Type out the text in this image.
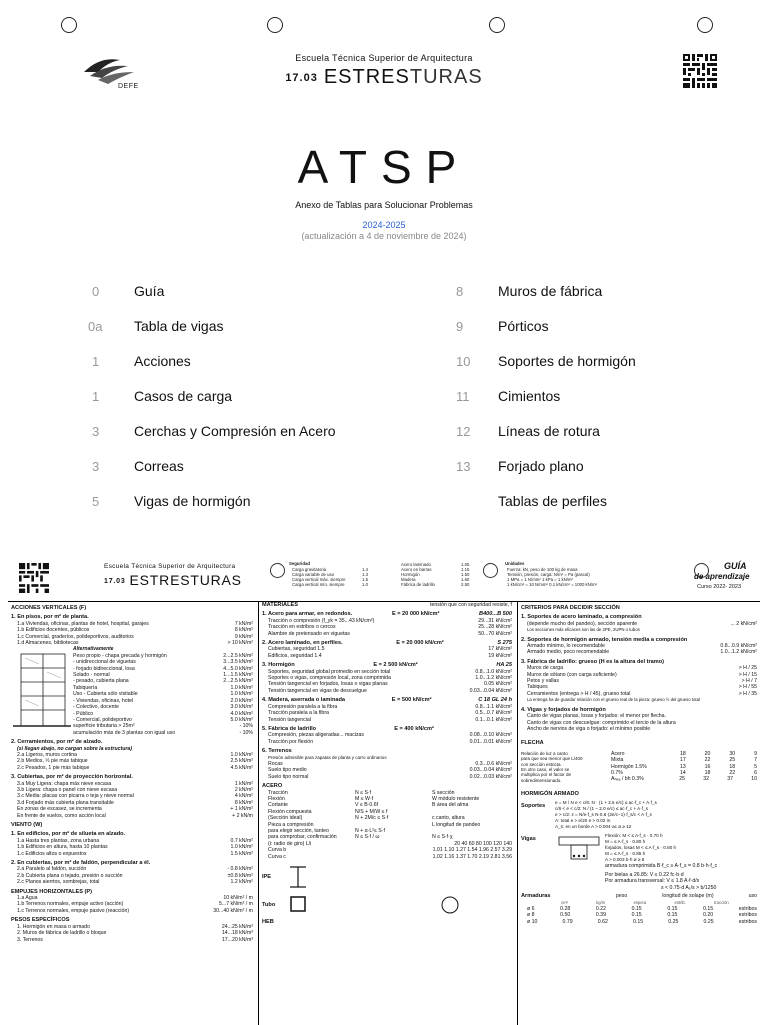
DEFE
Escuela Técnica Superior de Arquitectura
17.03 ESTRESTURAS
ATSP
Anexo de Tablas para Solucionar Problemas
2024-2025
(actualización a 4 de noviembre de 2024)
0 Guía
0a Tabla de vigas
1 Acciones
1 Casos de carga
3 Cerchas y Compresión en Acero
3 Correas
5 Vigas de hormigón
8 Muros de fábrica
9 Pórticos
10 Soportes de hormigón
11 Cimientos
12 Líneas de rotura
13 Forjado plano
Tablas de perfiles
Escuela Técnica Superior de Arquitectura
17.03 ESTRESTURAS
Seguridad
Carga gravitatoria	1.4
Carga variable de uso	1.3
Carga vertical máx. siempre	1.5
Carga vertical mín. siempre	1.0
Acero laminado	1.05
Acero en barras	1.15
Hormigón	1.50
Madera	1.60
Fábrica de ladrillo	2.50
Unidades
Fuerza: kN, peso de 100 kg de masa
Tensión, presión, carga: N/m² = Pa (pascal)
1 MPa = 1 N/mm² 1 kPa = 1 kN/m²
1 kN/cm² = 10 N/mm² 0.1 kN/cm² = 1000 kN/m²
GUÍA
de aprendizaje
Curso 2022- 2023
ACCIONES VERTICALES (F)
1. En pisos, por m² de planta.
1.a Viviendas, oficinas, plantas de hotel, hospital, garajes	7 kN/m²
1.b Edificios docentes, públicos	8 kN/m²
1.c Comercial, graderíos, polideportivos, auditorios	9 kN/m²
1.d Almacenes, bibliotecas	> 10 kN/m²
Alternativamente
Peso propio - chapa grecada y hormigón	2...2.5 kN/m²
- unidireccional de viguetas	3...3.5 kN/m²
- forjado bidireccional, losa	4...5.0 kN/m²
Solado - normal	1...1.5 kN/m²
- pesado, cubierta plana	2...2.5 kN/m²
Tabiquería	1.0 kN/m²
Uso - Cubierta sólo visitable	1.0 kN/m²
- Viviendas, oficinas, hotel	2.0 kN/m²
- Colectivo, docente	3.0 kN/m²
- Público	4.0 kN/m²
- Comercial, polideportivo	5.0 kN/m²
superficie tributaria > 25m²	- 10%
acumulación más de 3 plantas con igual uso	- 10%
2. Cerramientos, por m² de alzado.
(si llegan abajo, no cargan sobre la estructura)
2.a Ligeros, muros cortina	1.0 kN/m²
2.b Medios, ½ pie más tabique	2.5 kN/m²
2.c Pesados, 1 pie más tabique	4.5 kN/m²
3. Cubiertas, por m² de proyección horizontal.
3.a Muy Ligera: chapa más nieve escasa	1 kN/m²
3.b Ligera: chapa o panel con nieve escasa	2 kN/m²
3.c Media: placas con picarra o teja y nieve normal	4 kN/m²
3.d Forjado más cubierta plana transitable	8 kN/m²
En zonas de escasez, se incrementa	+ 1 kN/m²
En frente de vuelos, como acción local	+ 2 kN/m
VIENTO (W)
1. En edificios, por m² de silueta en alzado.
1.a Hasta tres plantas, zona urbana	0.7 kN/m²
1.b Edificios en altura, hasta 10 plantas	1.0 kN/m²
1.c Edificios altos o expuestos	1.5 kN/m²
2. En cubiertas, por m² de faldón, perpendicular a él.
2.a Paralelo al faldón, succión	- 0.8 kN/m²
2.b Cubierta plana o tejado, presión o succión	±0.8 kN/m²
2.c Planos aierrtos, sombrejas, total	1.2 kN/m²
EMPUJES HORIZONTALES (P)
1.a Agua	10 kN/m² / m
1.b Terrenos normales, empuje activo (acción)	5...7 kN/m² / m
1.c Terrenos normales, empuje pasivo (reacción)	30...40 kN/m² / m
PESOS ESPECÍFICOS
1. Hormigón en masa o armado	24...25 kN/m³
2. Muros de fábrica de ladrillo o bloque	14...18 kN/m³
3. Terrenos	17...20 kN/m³
MATERIALES	tensión que con seguridad resiste, f
1. Acero para armar, en redondos.	E = 20 000 kN/cm²	B400...B 500
Tracción o compresión (f_yk = 35...43 kN/cm²)	29...31 kN/cm²
Tracción en estribos o cercos	25...28 kN/cm²
Alambre de pretensado en viguetas	50...70 kN/cm²
2. Acero laminado, en perfiles.	E = 20 000 kN/cm²	S 275
Cubiertas, seguridad 1.5	17 kN/cm²
Edificios, seguridad 1.4	19 kN/cm²
3. Hormigón	E = 2 500 kN/cm²	HA 25
Soportes, seguridad global promedio en sección total	0.8...1.0 kN/cm²
Soportes o vigas, compresión local, zona comprimida	1.0...1.2 kN/cm²
Tensión tangencial en forjados, losas o vigas planas	0.05 kN/cm²
Tensión tangencial en vigas de descuelgue	0.03...0.04 kN/cm²
4. Madera, aserrada o laminada	E = 500 kN/cm²	C 18 GL 24 h
Compresión paralela a la fibra	0.8...1.1 kN/cm²
Tracción paralela a la fibra	0.5...0.7 kN/cm²
Tensión tangencial	0.1...0.1 kN/cm²
5. Fábrica de ladrillo	E = 400 kN/cm²
Compresión, piezas aligeradas... macizas	0.08...0.10 kN/cm²
Tracción por flexión	0.01...0.01 kN/cm²
6. Terrenos
Presión admisible para zapatas de planta y carro ordinarios
Rocas	0.3...0.6 kN/cm²
Suelo tipo medio	0.03...0.04 kN/cm²
Suelo tipo normal	0.02...0.03 kN/cm²
ACERO
Tracción	N ≤ S·f	S sección
Flexión	M ≤ W·f	W módulo resistente
Cortante	V ≤ B·0.6f	B área del alma
Flexión compuesta	N/S + M/W ≤ f
(Sección ideal)	N + 2M/c ≤ S·f	c canto, altura
Pieza a compresión	L longitud de pandeo
para elegir sección, tanteo	N + α·L²≤ S·f
para comprobar, confirmación	N ≤ S·f / ω	N ≤ S·f·χ
(i: radio de giro) L/i	20 40 60 80 100 120 140
Curva b	1.01 1.10 1.27 1.54 1.96 2.57 3.29
Curva c	1.02 1.16 1.37 1.70 2.19 2.81 3.56
IPE
Tubo
HEB
CRITERIOS PARA DECIDIR SECCIÓN
1. Soportes de acero laminado, a compresión
(depende mucho del pandeo), sección aparente	... 2 kN/cm²
Los secciones más eficaces son las de 2PE, 2UPN o tubos
2. Soportes de hormigón armado, tensión media a compresión
Armado mínimo, lo recomendable	0.8...0.9 kN/cm²
Armado medio, poco recomendable	1.0...1.2 kN/cm²
3. Fábrica de ladrillo: grueso (H es la altura del tramo)
Muros de carga	> H / 25
Muros de sótano (con carga suficiente)	> H / 15
Petos y vallas	> H / 7
Tabiques	> H / 55
Cerramientos (entrega > H / 45), grueso total	> H / 35
La entrega ha de guardar relación con el grueso real de la pieza: grueso ½ del grueso total
4. Vigas y forjados de hormigón
Canto de vigas planas, losas y forjados: el menor por flecha.
Canto de vigas con descuelgue: comprimido el tercio de la altura
Ancho de nervios de viga o forjado: el mínimo posible
FLECHA
Relación de luz a canto
para que sea menor que L/400
con sección estricta.
En otro caso, el valor se
multiplica por el factor de
sobredimensionado.
Acero	18	20	30	9
Mixta	17	22	25	7
Hormigón 1.5%	13	16	18	5
0.7%	14	18	22	6
Aₙₑₐ / bh 0.3%	25	32	37	10
HORMIGÓN ARMADO
Soportes
e = M / N e < c/6: N · (1 + 2.5 e/c) ≤ ac·f_c + A·f_s
c/6 < e < c/2: N / (1 − 2.0 e/c) ≤ ac·f_c + A·f_s
e > c/2: z = N/e·f_s N·0.6·(2e/c−1)·f_s/c < A·f_s
A: total e > e/20 e > 0.02 m
A_s: en un borde A > 0.004·ac ø ≥ 12
Vigas
Flexión: M < ≤ A·f_s · 0.70 h
M = ≤ A·f_s · 0.80 h
forjados, losas M < ≤ A·f_s · 0.80 h
M = ≤ A·f_s · 0.85 h
A > 0.003 b·h ø ≥ 8
armadura comprimida B·f_c ≥ A·f_s = 0.8 b·h·f_c
Por bielas a 26.85: V ≤ 0.22 fc·b·d
Por armadura transversal: V ≤ 1.8 A·f·d/s
s < 0.75·d A₁/s > b/1250
Armaduras	peso	longitud de solape (m)	uso
cm²	kg/m	espera	estrib.	tracción
ø 6	0.28	0.22	0.15	0.15	0.15	estribos
ø 8	0.50	0.39	0.15	0.15	0.20	estribos
ø 10	0.79	0.62	0.15	0.25	0.25	estribos
